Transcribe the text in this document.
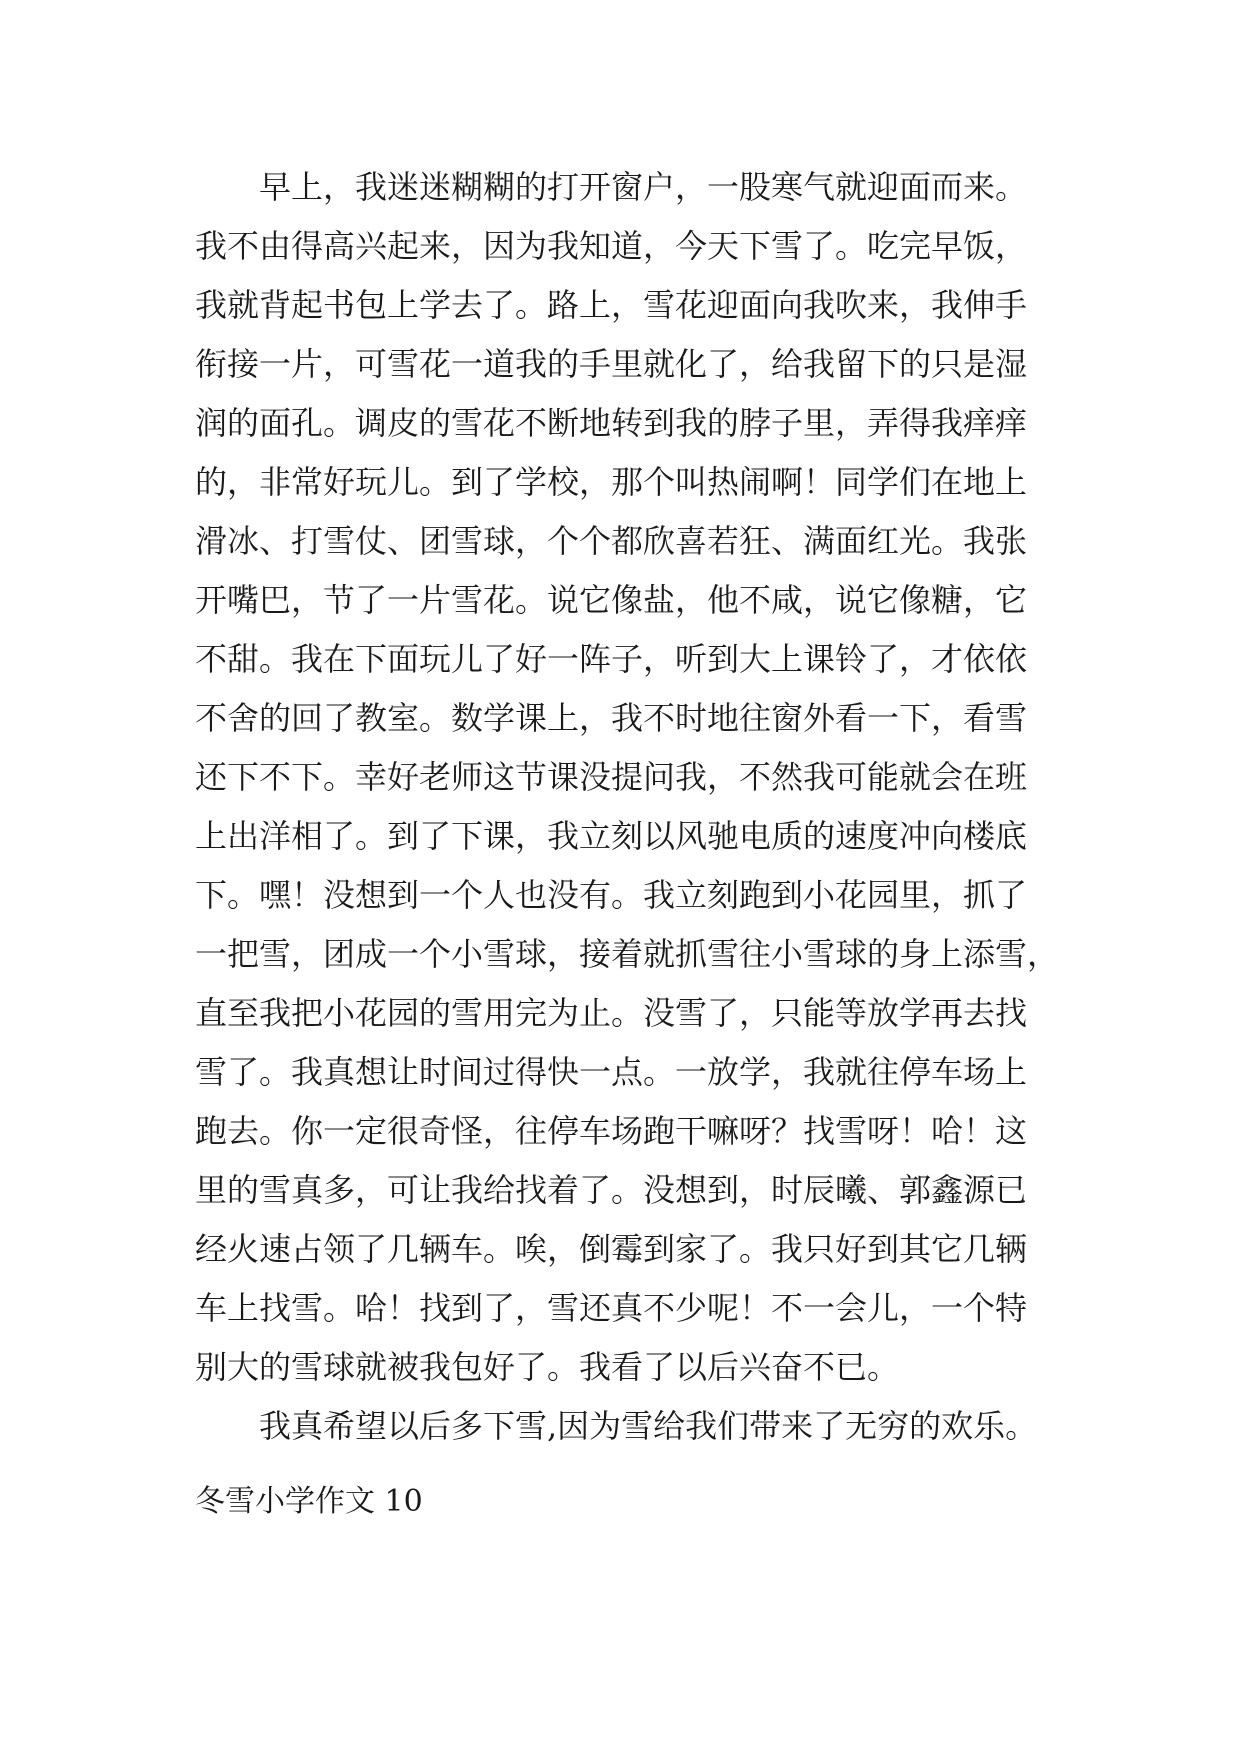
早上，我迷迷糊糊的打开窗户，一股寒气就迎面而来。
我不由得高兴起来，因为我知道，今天下雪了。吃完早饭，
我就背起书包上学去了。路上，雪花迎面向我吹来，我伸手
衔接一片，可雪花一道我的手里就化了，给我留下的只是湿
润的面孔。调皮的雪花不断地转到我的脖子里，弄得我痒痒
的，非常好玩儿。到了学校，那个叫热闹啊！同学们在地上
滑冰、打雪仗、团雪球，个个都欣喜若狂、满面红光。我张
开嘴巴，节了一片雪花。说它像盐，他不咸，说它像糖，它
不甜。我在下面玩儿了好一阵子，听到大上课铃了，才依依
不舍的回了教室。数学课上，我不时地往窗外看一下，看雪
还下不下。幸好老师这节课没提问我，不然我可能就会在班
上出洋相了。到了下课，我立刻以风驰电质的速度冲向楼底
下。嘿！没想到一个人也没有。我立刻跑到小花园里，抓了
一把雪，团成一个小雪球，接着就抓雪往小雪球的身上添雪，
直至我把小花园的雪用完为止。没雪了，只能等放学再去找
雪了。我真想让时间过得快一点。一放学，我就往停车场上
跑去。你一定很奇怪，往停车场跑干嘛呀？找雪呀！哈！这
里的雪真多，可让我给找着了。没想到，时辰曦、郭鑫源已
经火速占领了几辆车。唉，倒霉到家了。我只好到其它几辆
车上找雪。哈！找到了，雪还真不少呢！不一会儿，一个特
别大的雪球就被我包好了。我看了以后兴奋不已。
我真希望以后多下雪,因为雪给我们带来了无穷的欢乐。
冬雪小学作文 10
